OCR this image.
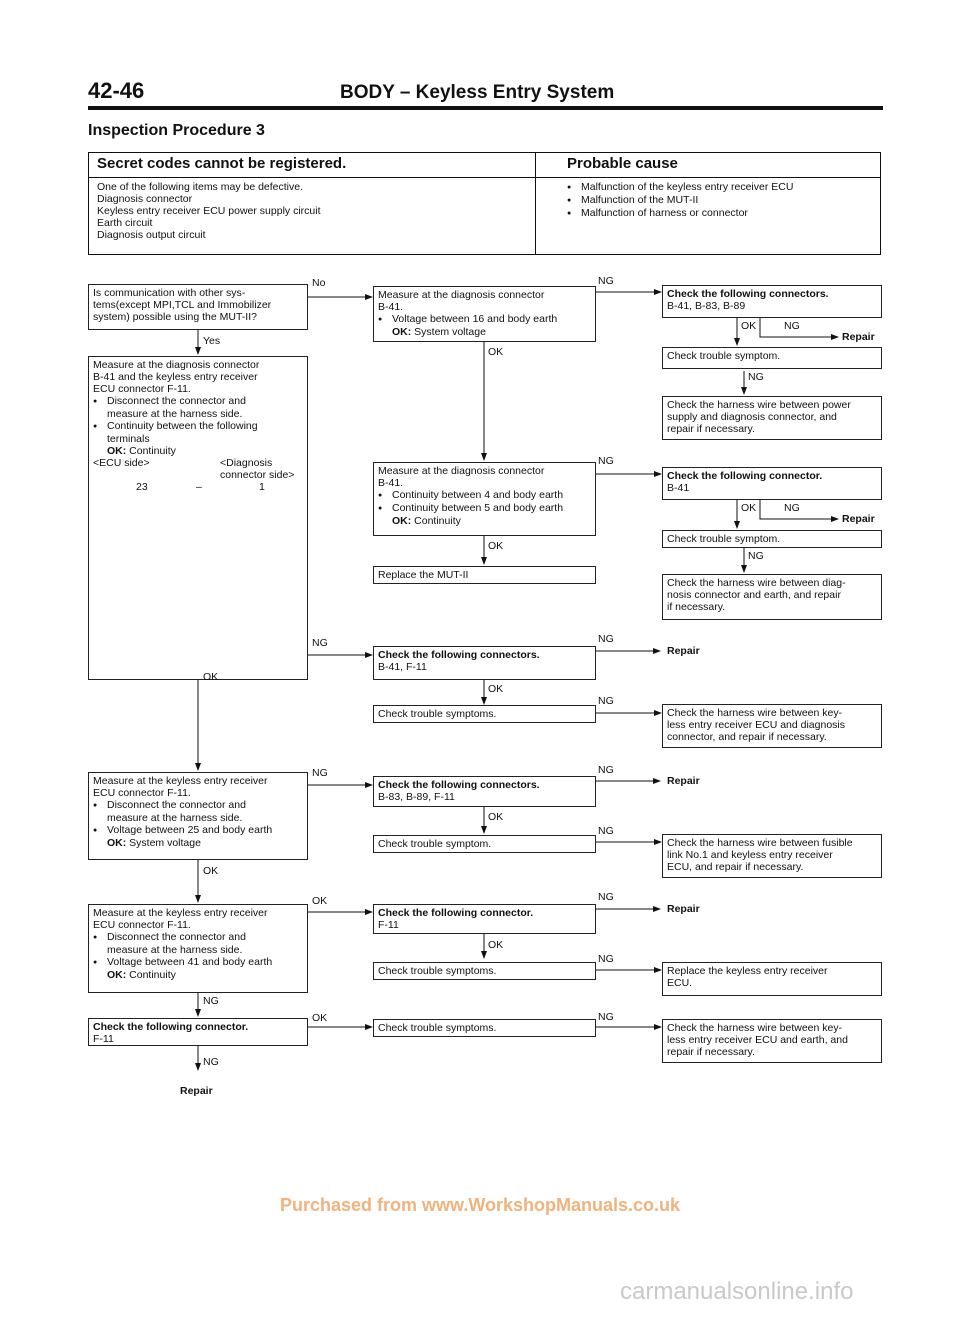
42-46	BODY – Keyless Entry System
Inspection Procedure 3
Secret codes cannot be registered.	Probable cause
One of the following items may be defective.
Diagnosis connector
Keyless entry receiver ECU power supply circuit
Earth circuit
Diagnosis output circuit
● Malfunction of the keyless entry receiver ECU
● Malfunction of the MUT-II
● Malfunction of harness or connector
Is communication with other sys-
tems(except MPI,TCL and Immobilizer
system) possible using the MUT-II?
Yes
No
Measure at the diagnosis connector
B-41 and the keyless entry receiver
ECU connector F-11.
● Disconnect the connector and
measure at the harness side.
● Continuity between the following
terminals
OK: Continuity
<ECU side>	<Diagnosis
connector side>
23	–	1
OK
NG
Measure at the keyless entry receiver
ECU connector F-11.
● Disconnect the connector and
measure at the harness side.
● Voltage between 25 and body earth
OK: System voltage
OK
NG
Measure at the keyless entry receiver
ECU connector F-11.
● Disconnect the connector and
measure at the harness side.
● Voltage between 41 and body earth
OK: Continuity
NG
OK
Check the following connector.
F-11
NG
Repair
OK
Measure at the diagnosis connector
B-41.
● Voltage between 16 and body earth
OK: System voltage
OK
NG
Measure at the diagnosis connector
B-41.
● Continuity between 4 and body earth
● Continuity between 5 and body earth
OK: Continuity
OK
NG
Replace the MUT-II
Check the following connectors.
B-41, F-11
OK
NG
Check trouble symptoms.
NG
Check the following connectors.
B-83, B-89, F-11
OK
NG
Check trouble symptom.
NG
Check the following connector.
F-11
OK
NG
Check trouble symptoms.
NG
Check trouble symptoms.
NG
Check the following connectors.
B-41, B-83, B-89
OK	NG
Repair
Check trouble symptom.
NG
Check the harness wire between power
supply and diagnosis connector, and
repair if necessary.
Check the following connector.
B-41
OK	NG
Repair
Check trouble symptom.
NG
Check the harness wire between diag-
nosis connector and earth, and repair
if necessary.
Repair
Check the harness wire between key-
less entry receiver ECU and diagnosis
connector, and repair if necessary.
Repair
Check the harness wire between fusible
link No.1 and keyless entry receiver
ECU, and repair if necessary.
Repair
Replace the keyless entry receiver
ECU.
Check the harness wire between key-
less entry receiver ECU and earth, and
repair if necessary.
Purchased from www.WorkshopManuals.co.uk
carmanualsonline.info
